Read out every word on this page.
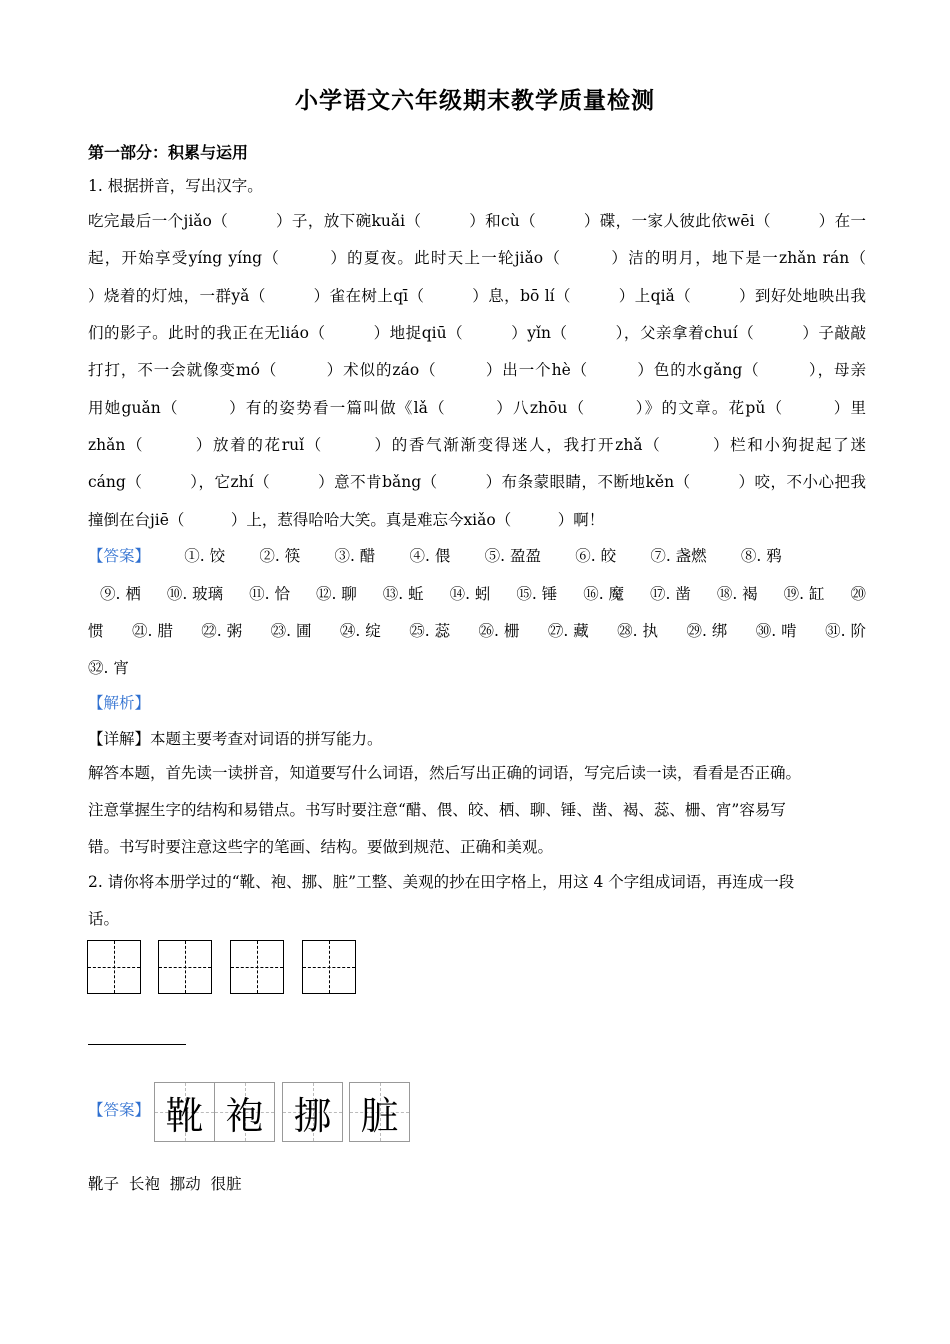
小学语文六年级期末教学质量检测
第一部分：积累与运用
1. 根据拼音，写出汉字。
吃完最后一个jiǎo（　　　）子，放下碗kuǎi（　　　）和cù（　　　）碟，一家人彼此依wēi（　　　）在一
起，开始享受yíng yíng（　　　）的夏夜。此时天上一轮jiǎo（　　　）洁的明月，地下是一zhǎn rán（
）烧着的灯烛，一群yǎ（　　　）雀在树上qī（　　　）息，bō lí（　　　）上qiǎ（　　　）到好处地映出我
们的影子。此时的我正在无liáo（　　　）地捉qiū（　　　）yǐn（　　　），父亲拿着chuí（　　　）子敲敲
打打，不一会就像变mó（　　　）术似的záo（　　　）出一个hè（　　　）色的水gǎng（　　　），母亲
用她guǎn（　　　）有的姿势看一篇叫做《lǎ（　　　）八zhōu（　　　）》的文章。花pǔ（　　　）里
zhǎn（　　　）放着的花ruǐ（　　　）的香气渐渐变得迷人，我打开zhǎ（　　　）栏和小狗捉起了迷
cáng（　　　），它zhí（　　　）意不肯bǎng（　　　）布条蒙眼睛，不断地kěn（　　　）咬，不小心把我
撞倒在台jiē（　　　）上，惹得哈哈大笑。真是难忘今xiǎo（　　　）啊！
【答案】 ①. 饺 ②. 筷 ③. 醋 ④. 偎 ⑤. 盈盈 ⑥. 皎 ⑦. 盏燃 ⑧. 鸦
⑨. 栖 ⑩. 玻璃 ⑪. 恰 ⑫. 聊 ⑬. 蚯 ⑭. 蚓 ⑮. 锤 ⑯. 魔 ⑰. 凿 ⑱. 褐 ⑲. 缸 ⑳
惯 ㉑. 腊 ㉒. 粥 ㉓. 圃 ㉔. 绽 ㉕. 蕊 ㉖. 栅 ㉗. 藏 ㉘. 执 ㉙. 绑 ㉚. 啃 ㉛. 阶
㉜. 宵
【解析】
【详解】本题主要考查对词语的拼写能力。
解答本题，首先读一读拼音，知道要写什么词语，然后写出正确的词语，写完后读一读，看看是否正确。
注意掌握生字的结构和易错点。书写时要注意“醋、偎、皎、栖、聊、锤、凿、褐、蕊、栅、宵”容易写
错。书写时要注意这些字的笔画、结构。要做到规范、正确和美观。
2. 请你将本册学过的“靴、袍、挪、脏”工整、美观的抄在田字格上，用这 4 个字组成词语，再连成一段
话。
【答案】 靴 袍 挪 脏
靴子  长袍  挪动  很脏
